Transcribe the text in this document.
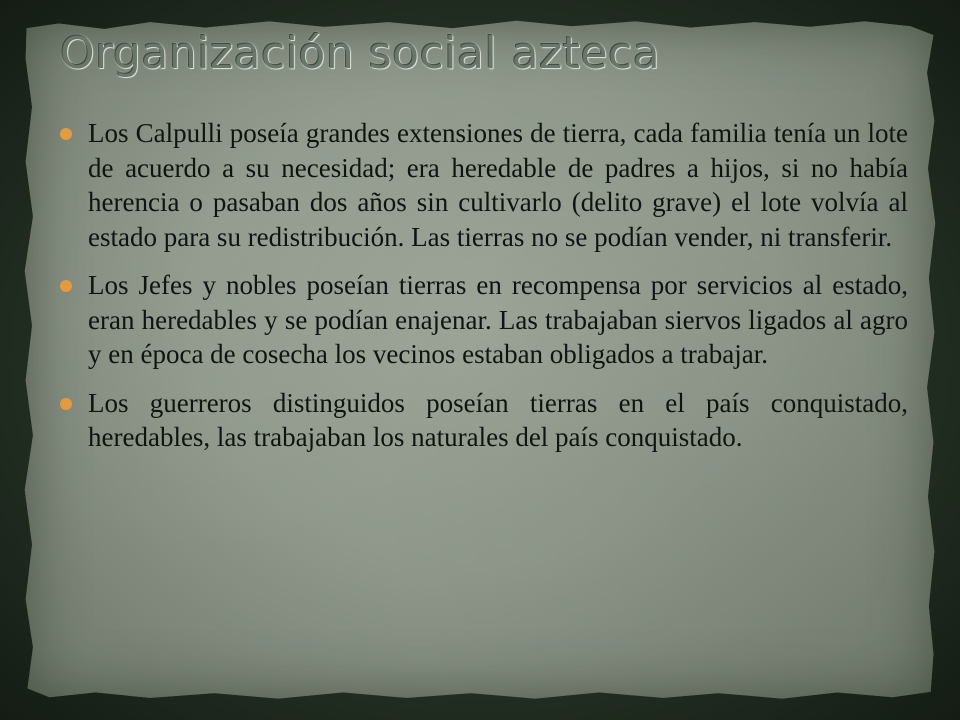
Organización social azteca
Los Calpulli poseía grandes extensiones de tierra, cada familia tenía un lote de acuerdo a su necesidad; era heredable de padres a hijos, si no había herencia o pasaban dos años sin cultivarlo (delito grave) el lote volvía al estado para su redistribución. Las tierras no se podían vender, ni transferir.
Los Jefes y nobles poseían tierras en recompensa por servicios al estado, eran heredables y se podían enajenar. Las trabajaban siervos ligados al agro y en época de cosecha los vecinos estaban obligados a trabajar.
Los guerreros distinguidos poseían tierras en el país conquistado, heredables, las trabajaban los naturales del país conquistado.
